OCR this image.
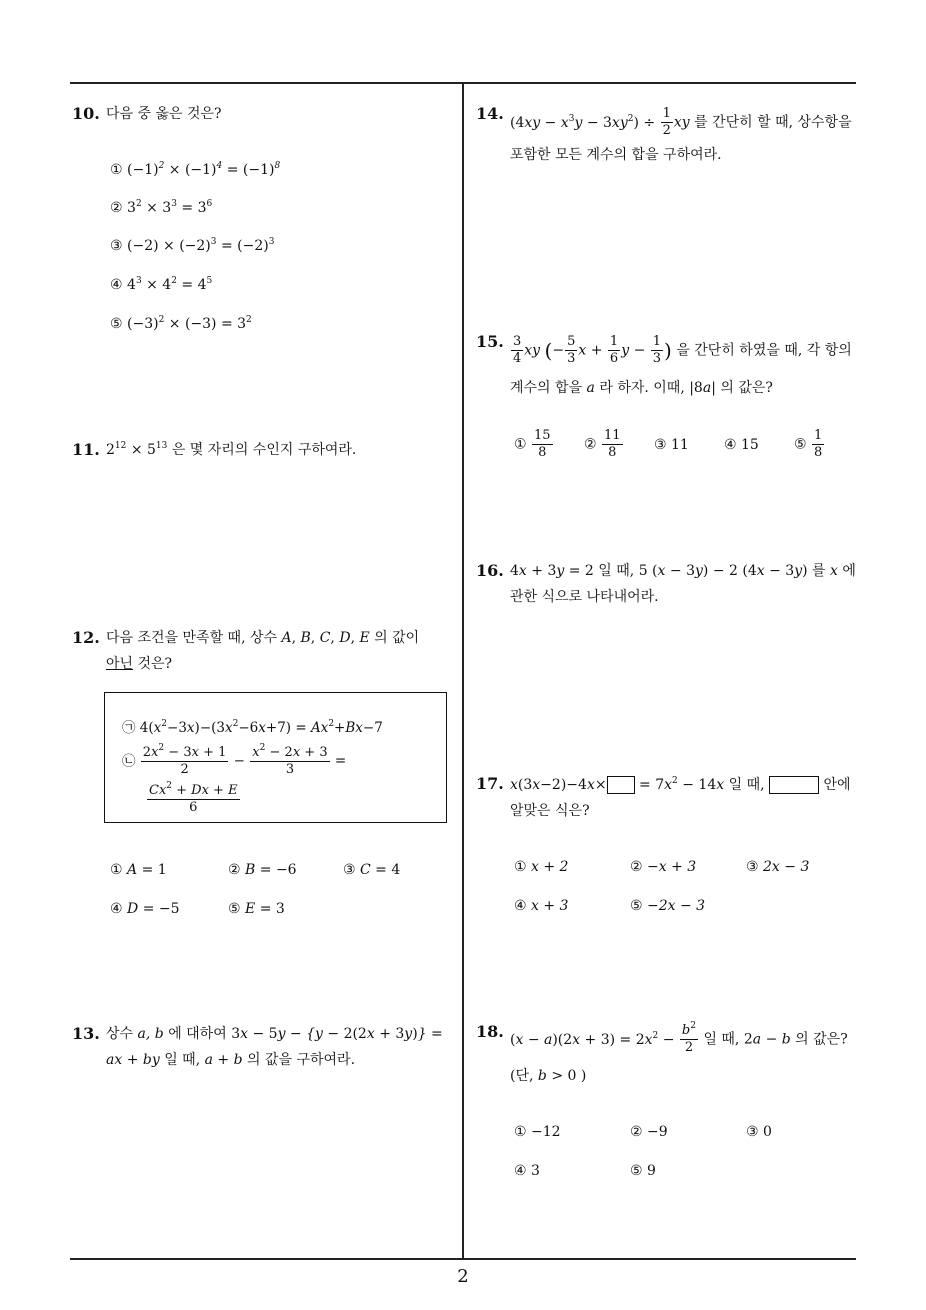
10. 다음 중 옳은 것은?
① $(-1)^2 \times (-1)^4 = (-1)^8$
② $3^2 \times 3^3 = 3^6$
③ $(-2) \times (-2)^3 = (-2)^3$
④ $4^3 \times 4^2 = 4^5$
⑤ $(-3)^2 \times (-3) = 3^2$
11. $2^{12} \times 5^{13}$ 은 몇 자리의 수인지 구하여라.
12. 다음 조건을 만족할 때, 상수 A, B, C, D, E 의 값이
아닌 것은?
㉠ $4(x^2-3x)-(3x^2-6x+7) = Ax^2+Bx-7$
㉡ $\frac{2x^2 - 3x + 1}{2} - \frac{x^2 - 2x + 3}{3}$ =
$\frac{Cx^2 + Dx + E}{6}$
① A = 1	② B = −6	③ C = 4
④ D = −5	⑤ E = 3
13. 상수 a, b 에 대하여 3x − 5y − {y − 2(2x + 3y)} =
ax + by 일 때, a + b 의 값을 구하여라.
14. $(4xy - x^3y - 3xy^2) \div \frac{1}{2}$ xy 를 간단히 할 때, 상수항을
포함한 모든 계수의 합을 구하여라.
15. $\frac{3}{4}$ xy (− $\frac{5}{3}$ $x + \frac{1}{6}$ $y - \frac{1}{3}$ ) 을 간단히 하였을 때, 각 항의
계수의 합을 a 라 하자. 이때, |8a| 의 값은?
① $\frac{15}{8}$ ② $\frac{11}{8}$ ③ 11	④ 15	⑤ $\frac{1}{8}$
16. 4x + 3y = 2 일 때, 5 (x − 3y) − 2 (4x − 3y) 를 x 에
관한 식으로 나타내어라.
17. $x(3x-2)-4x\times = 7x^2 - 14x$ 일 때,	안에
알맞은 식은?
① x + 2	② −x + 3	③ 2x − 3
④ x + 3	⑤ −2x − 3
18. $(x - a)(2x + 3) = 2x^2 - \frac{b^2}{2}$ 일 때, 2a − b 의 값은?
(단, b > 0 )
① −12	② −9	③ 0
④ 3	⑤ 9
2
